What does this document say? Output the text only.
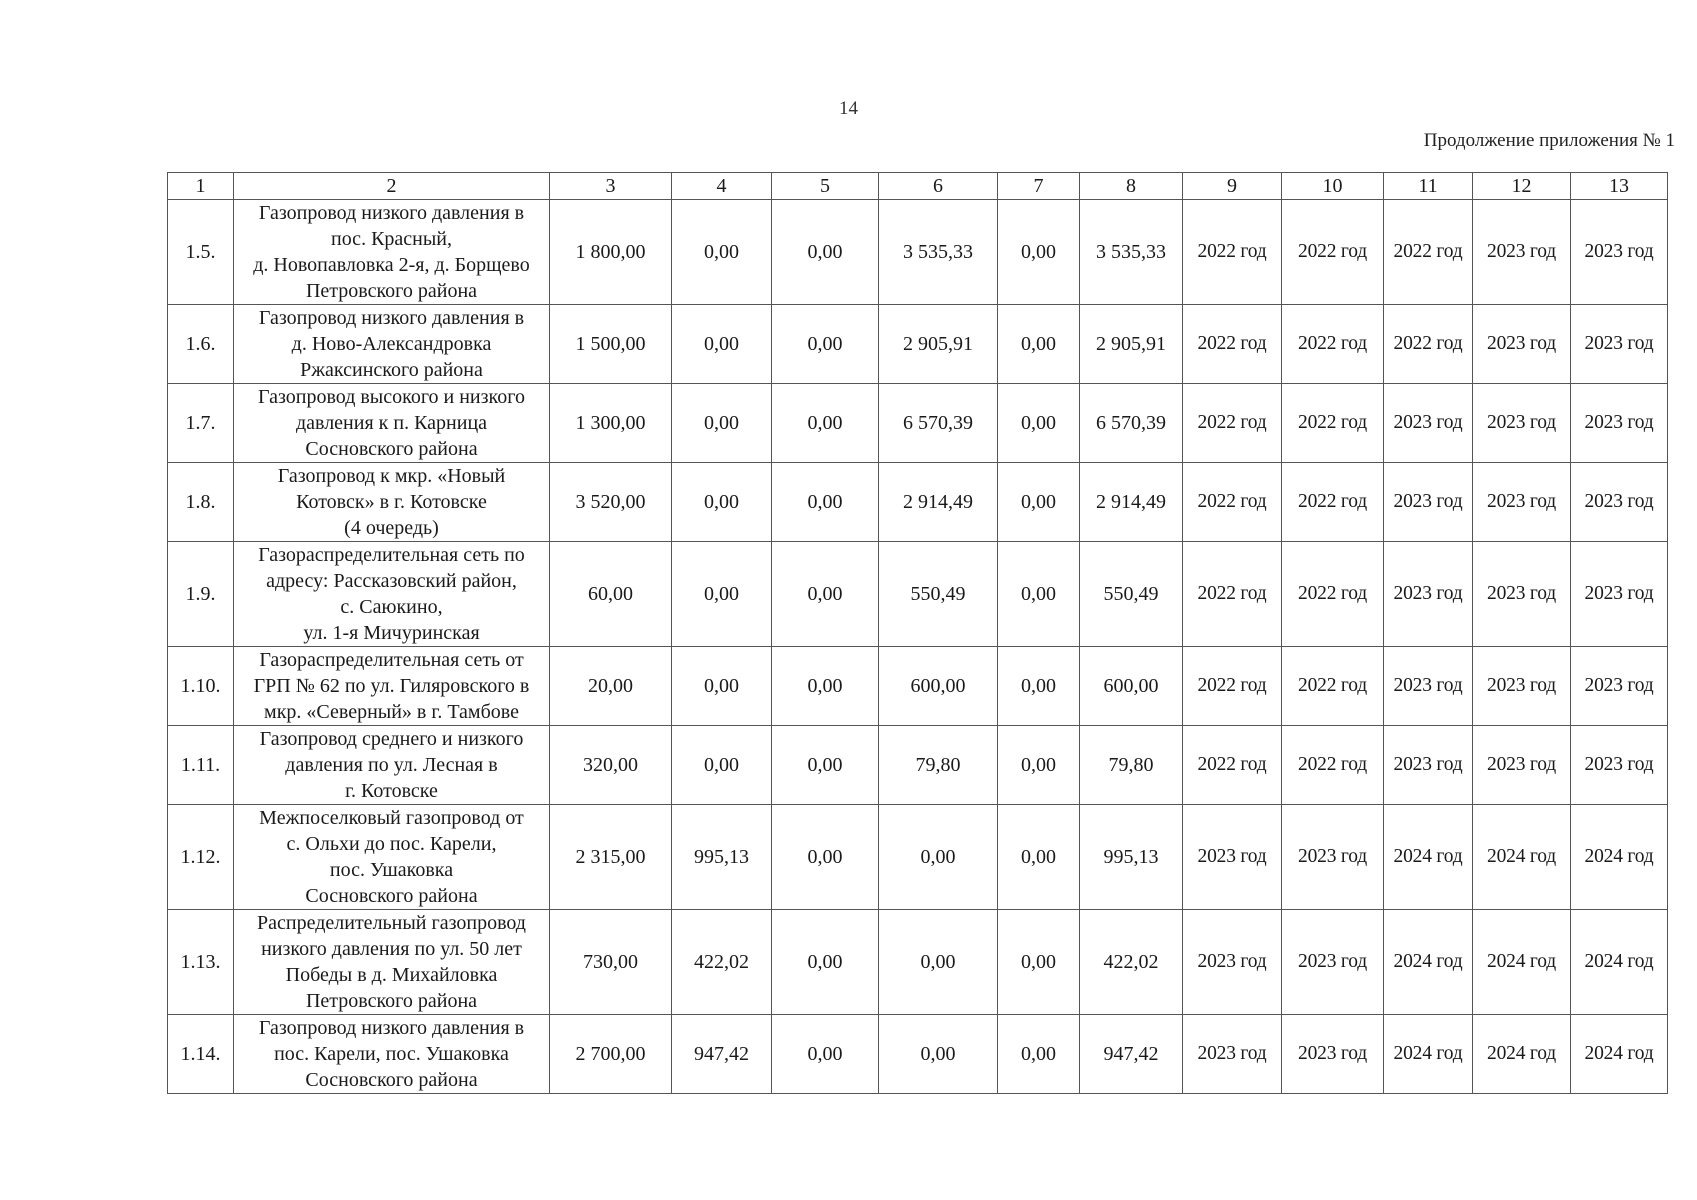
14
Продолжение приложения № 1
1	2	3	4	5	6	7	8	9	10	11	12	13
1.5.	Газопровод низкого давления в
пос. Красный,
д. Новопавловка 2-я, д. Борщево
Петровского района	1 800,00	0,00	0,00	3 535,33	0,00	3 535,33	2022 год	2022 год	2022 год	2023 год	2023 год
1.6.	Газопровод низкого давления в
д. Ново-Александровка
Ржаксинского района	1 500,00	0,00	0,00	2 905,91	0,00	2 905,91	2022 год	2022 год	2022 год	2023 год	2023 год
1.7.	Газопровод высокого и низкого
давления к п. Карница
Сосновского района	1 300,00	0,00	0,00	6 570,39	0,00	6 570,39	2022 год	2022 год	2023 год	2023 год	2023 год
1.8.	Газопровод к мкр. «Новый
Котовск» в г. Котовске
(4 очередь)	3 520,00	0,00	0,00	2 914,49	0,00	2 914,49	2022 год	2022 год	2023 год	2023 год	2023 год
1.9.	Газораспределительная сеть по
адресу: Рассказовский район,
с. Саюкино,
ул. 1-я Мичуринская	60,00	0,00	0,00	550,49	0,00	550,49	2022 год	2022 год	2023 год	2023 год	2023 год
1.10.	Газораспределительная сеть от
ГРП № 62 по ул. Гиляровского в
мкр. «Северный» в г. Тамбове	20,00	0,00	0,00	600,00	0,00	600,00	2022 год	2022 год	2023 год	2023 год	2023 год
1.11.	Газопровод среднего и низкого
давления по ул. Лесная в
г. Котовске	320,00	0,00	0,00	79,80	0,00	79,80	2022 год	2022 год	2023 год	2023 год	2023 год
1.12.	Межпоселковый газопровод от
с. Ольхи до пос. Карели,
пос. Ушаковка
Сосновского района	2 315,00	995,13	0,00	0,00	0,00	995,13	2023 год	2023 год	2024 год	2024 год	2024 год
1.13.	Распределительный газопровод
низкого давления по ул. 50 лет
Победы в д. Михайловка
Петровского района	730,00	422,02	0,00	0,00	0,00	422,02	2023 год	2023 год	2024 год	2024 год	2024 год
1.14.	Газопровод низкого давления в
пос. Карели, пос. Ушаковка
Сосновского района	2 700,00	947,42	0,00	0,00	0,00	947,42	2023 год	2023 год	2024 год	2024 год	2024 год
